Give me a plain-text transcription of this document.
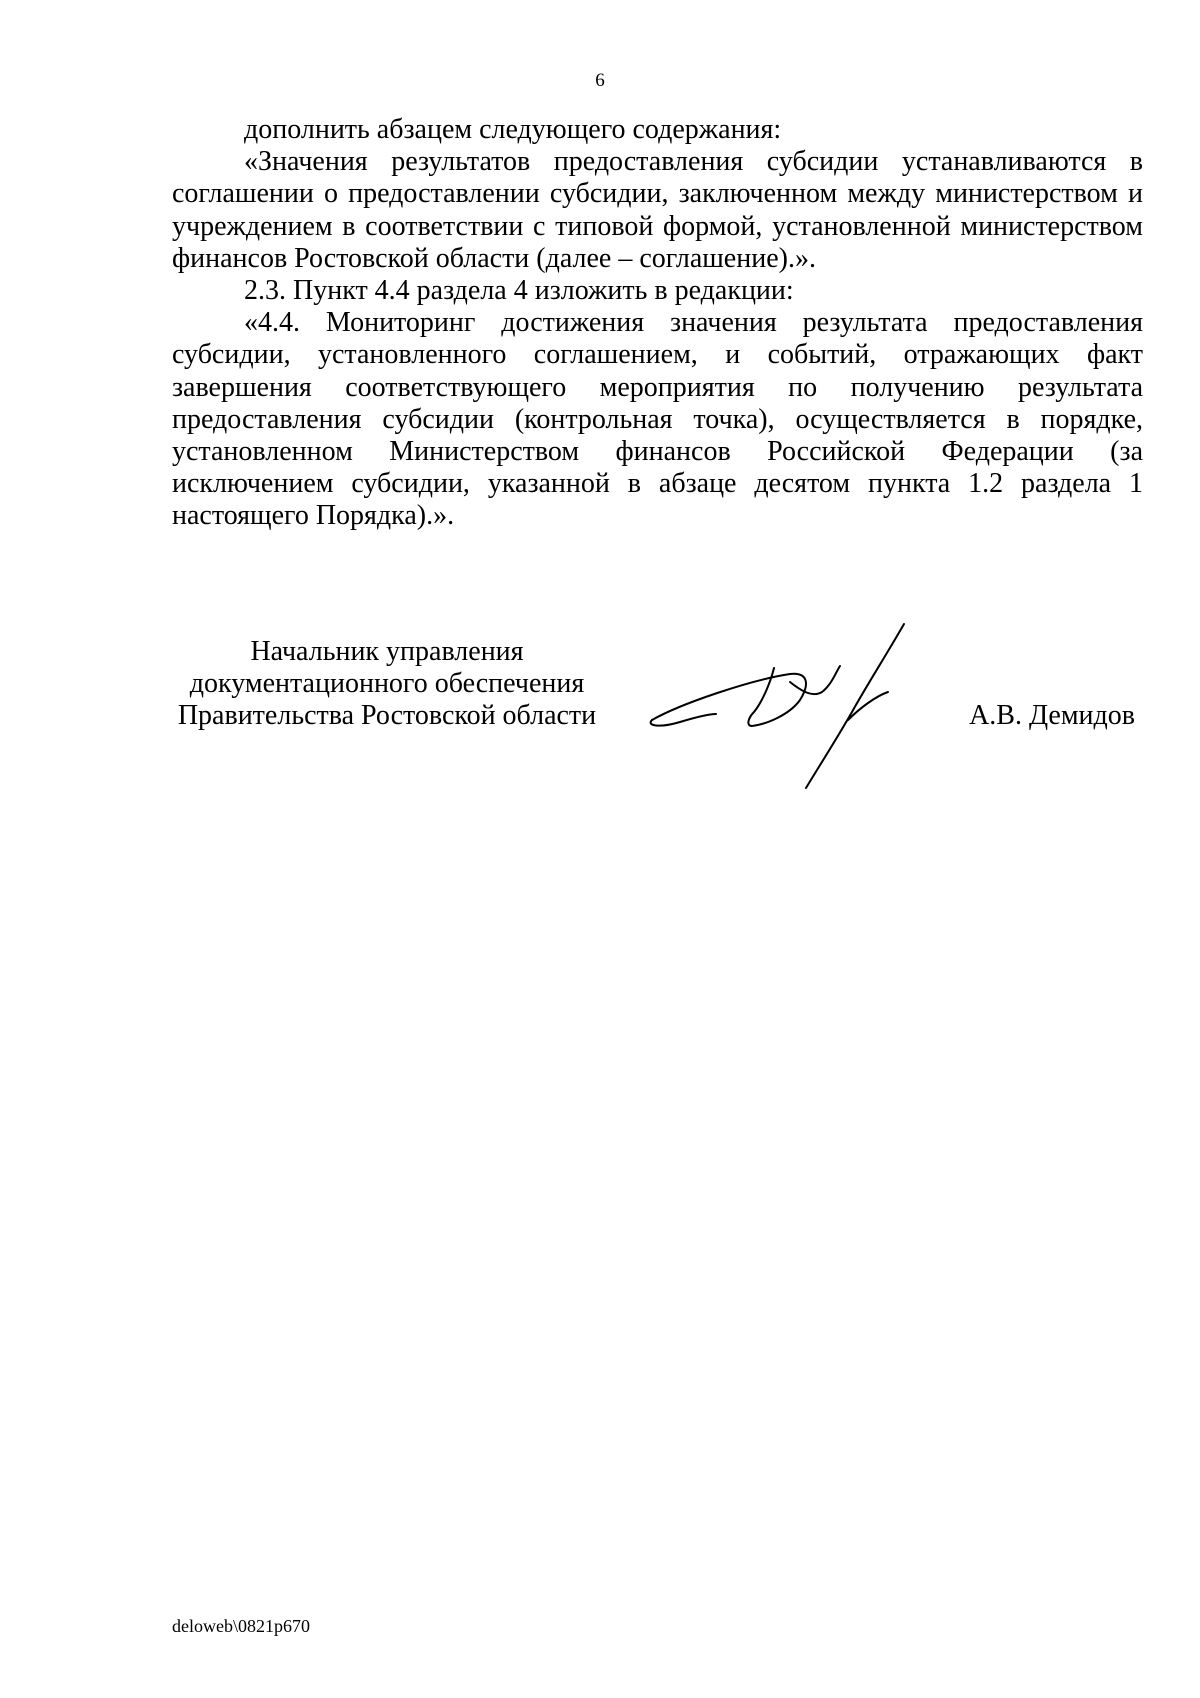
6

дополнить абзацем следующего содержания:

«Значения результатов предоставления субсидии устанавливаются в соглашении о предоставлении субсидии, заключенном между министерством и учреждением в соответствии с типовой формой, установленной министерством финансов Ростовской области (далее – соглашение).».

2.3. Пункт 4.4 раздела 4 изложить в редакции:

«4.4. Мониторинг достижения значения результата предоставления субсидии, установленного соглашением, и событий, отражающих факт завершения соответствующего мероприятия по получению результата предоставления субсидии (контрольная точка), осуществляется в порядке, установленном Министерством финансов Российской Федерации (за исключением субсидии, указанной в абзаце десятом пункта 1.2 раздела 1 настоящего Порядка).».

Начальник управления
документационного обеспечения
Правительства Ростовской области	А.В. Демидов
deloweb\0821p670
